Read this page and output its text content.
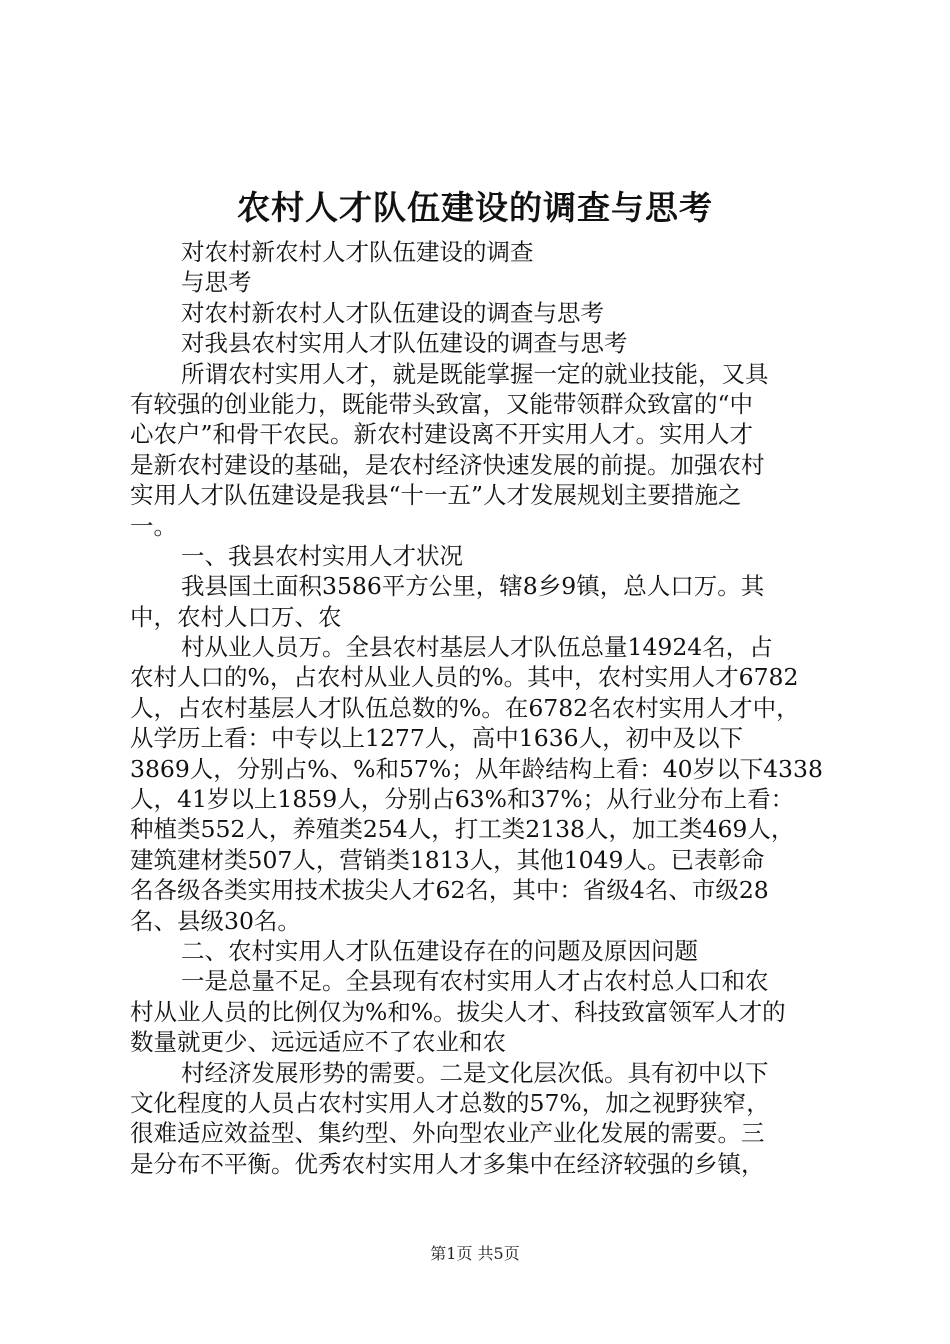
农村人才队伍建设的调查与思考
对农村新农村人才队伍建设的调查
与思考
对农村新农村人才队伍建设的调查与思考
对我县农村实用人才队伍建设的调查与思考
所谓农村实用人才，就是既能掌握一定的就业技能，又具
有较强的创业能力，既能带头致富，又能带领群众致富的“中
心农户”和骨干农民。新农村建设离不开实用人才。实用人才
是新农村建设的基础，是农村经济快速发展的前提。加强农村
实用人才队伍建设是我县“十一五”人才发展规划主要措施之
一。
一、我县农村实用人才状况
我县国土面积3586平方公里，辖8乡9镇，总人口万。其
中，农村人口万、农
村从业人员万。全县农村基层人才队伍总量14924名，占
农村人口的%，占农村从业人员的%。其中，农村实用人才6782
人，占农村基层人才队伍总数的%。在6782名农村实用人才中，
从学历上看：中专以上1277人，高中1636人，初中及以下
3869人，分别占%、%和57%；从年龄结构上看：40岁以下4338
人，41岁以上1859人，分别占63%和37%；从行业分布上看：
种植类552人，养殖类254人，打工类2138人，加工类469人，
建筑建材类507人，营销类1813人，其他1049人。已表彰命
名各级各类实用技术拔尖人才62名，其中：省级4名、市级28
名、县级30名。
二、农村实用人才队伍建设存在的问题及原因问题
一是总量不足。全县现有农村实用人才占农村总人口和农
村从业人员的比例仅为%和%。拔尖人才、科技致富领军人才的
数量就更少、远远适应不了农业和农
村经济发展形势的需要。二是文化层次低。具有初中以下
文化程度的人员占农村实用人才总数的57%，加之视野狭窄，
很难适应效益型、集约型、外向型农业产业化发展的需要。三
是分布不平衡。优秀农村实用人才多集中在经济较强的乡镇，
第1页 共5页
